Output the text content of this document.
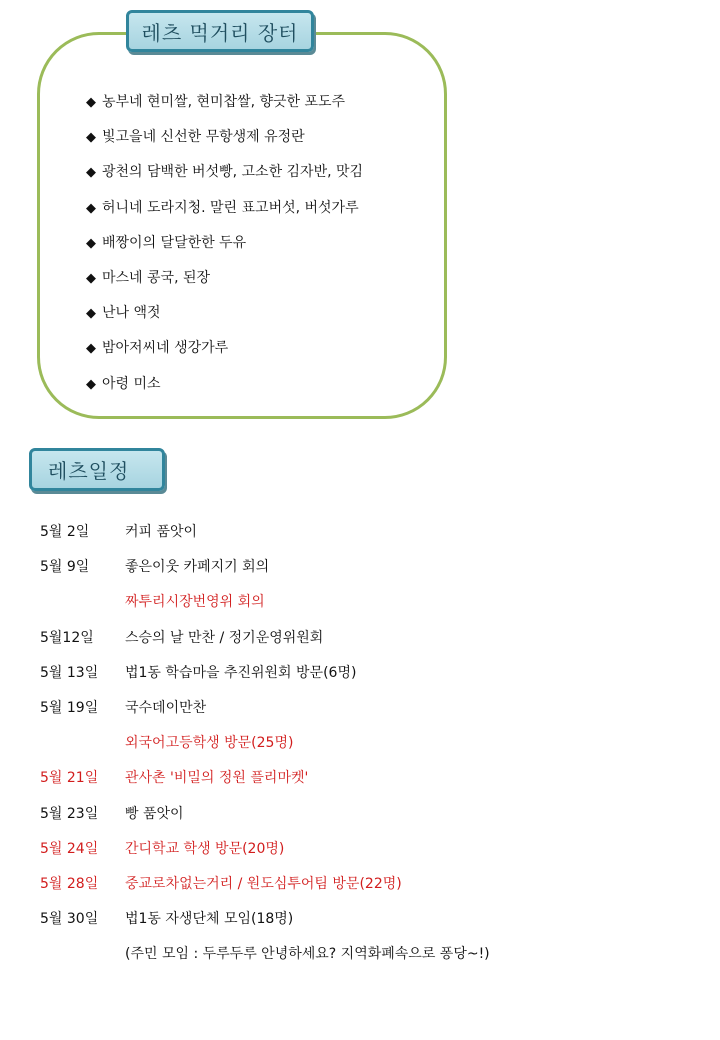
레츠 먹거리 장터
◆ 농부네 현미쌀, 현미찹쌀, 향긋한 포도주
◆ 빛고을네 신선한 무항생제 유정란
◆ 광천의 담백한 버섯빵, 고소한 김자반, 맛김
◆ 허니네 도라지청. 말린 표고버섯, 버섯가루
◆ 배짱이의 달달한한 두유
◆ 마스네 콩국, 된장
◆ 난나 액젓
◆ 밤아저씨네 생강가루
◆ 아령 미소
레츠일정
5월 2일	커피 품앗이
5월 9일	좋은이웃 카페지기 회의
짜투리시장번영위 회의
5월12일 스승의 날 만찬 / 정기운영위원회
5월 13일 법1동 학습마을 추진위원회 방문(6명)
5월 19일 국수데이만찬
외국어고등학생 방문(25명)
5월 21일 관사촌 '비밀의 정원 플리마켓'
5월 23일 빵 품앗이
5월 24일 간디학교 학생 방문(20명)
5월 28일 중교로차없는거리 / 원도심투어팀 방문(22명)
5월 30일 법1동 자생단체 모임(18명)
(주민 모임 : 두루두루 안녕하세요? 지역화폐속으로 퐁당~!)
